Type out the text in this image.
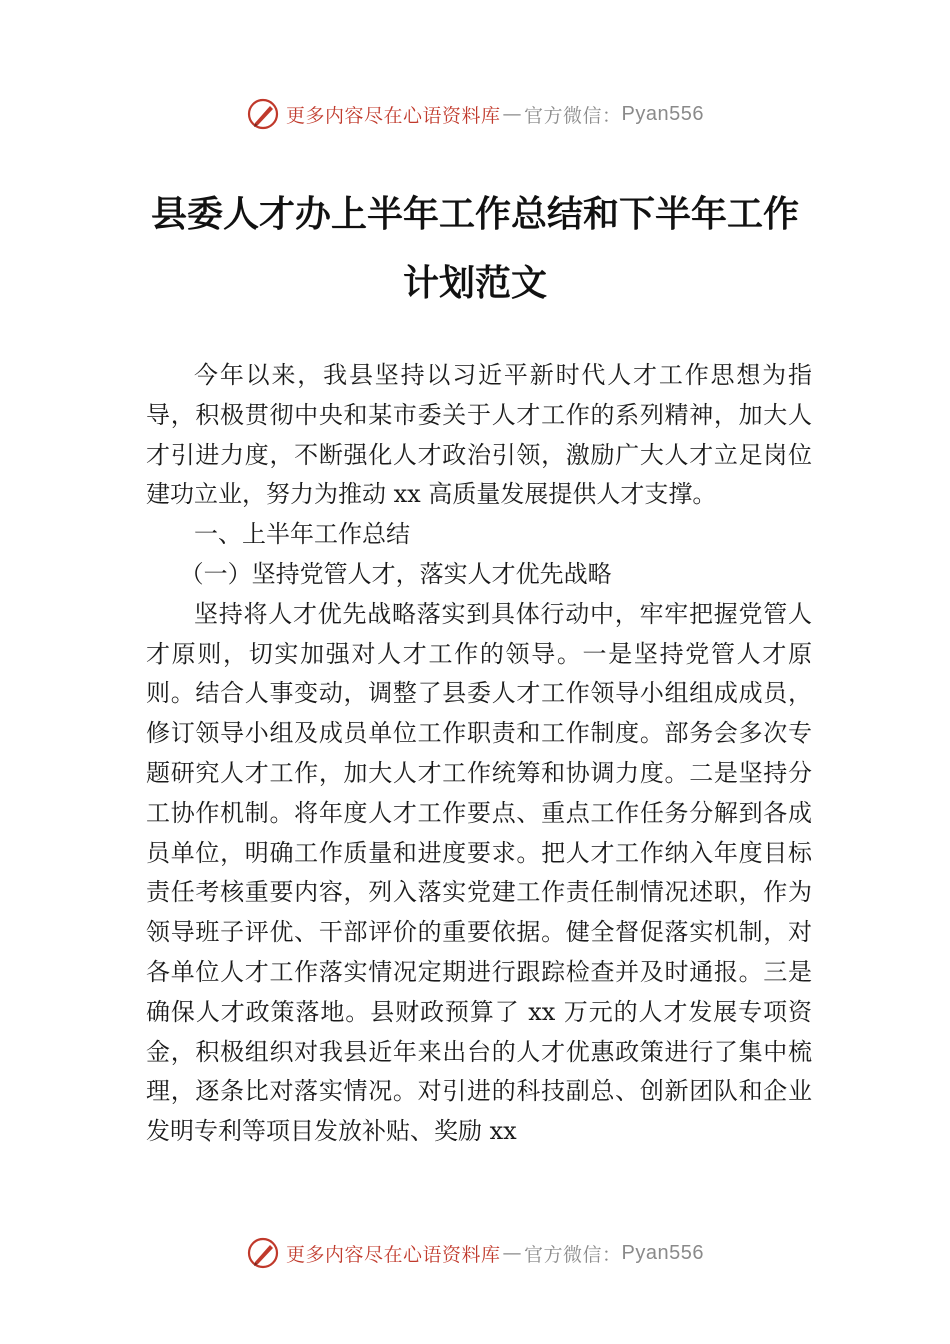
更多内容尽在心语资料库 — 官方微信： Pyan556
县委人才办上半年工作总结和下半年工作
计划范文

今年以来，我县坚持以习近平新时代人才工作思想为指导，积极贯彻中央和某市委关于人才工作的系列精神，加大人才引进力度，不断强化人才政治引领，激励广大人才立足岗位建功立业，努力为推动 xx 高质量发展提供人才支撑。

一、上半年工作总结

（一）坚持党管人才，落实人才优先战略

坚持将人才优先战略落实到具体行动中，牢牢把握党管人才原则，切实加强对人才工作的领导。一是坚持党管人才原则。结合人事变动，调整了县委人才工作领导小组组成成员，修订领导小组及成员单位工作职责和工作制度。部务会多次专题研究人才工作，加大人才工作统筹和协调力度。二是坚持分工协作机制。将年度人才工作要点、重点工作任务分解到各成员单位，明确工作质量和进度要求。把人才工作纳入年度目标责任考核重要内容，列入落实党建工作责任制情况述职，作为领导班子评优、干部评价的重要依据。健全督促落实机制，对各单位人才工作落实情况定期进行跟踪检查并及时通报。三是确保人才政策落地。县财政预算了 xx 万元的人才发展专项资金，积极组织对我县近年来出台的人才优惠政策进行了集中梳理，逐条比对落实情况。对引进的科技副总、创新团队和企业发明专利等项目发放补贴、奖励 xx

更多内容尽在心语资料库 — 官方微信： Pyan556
